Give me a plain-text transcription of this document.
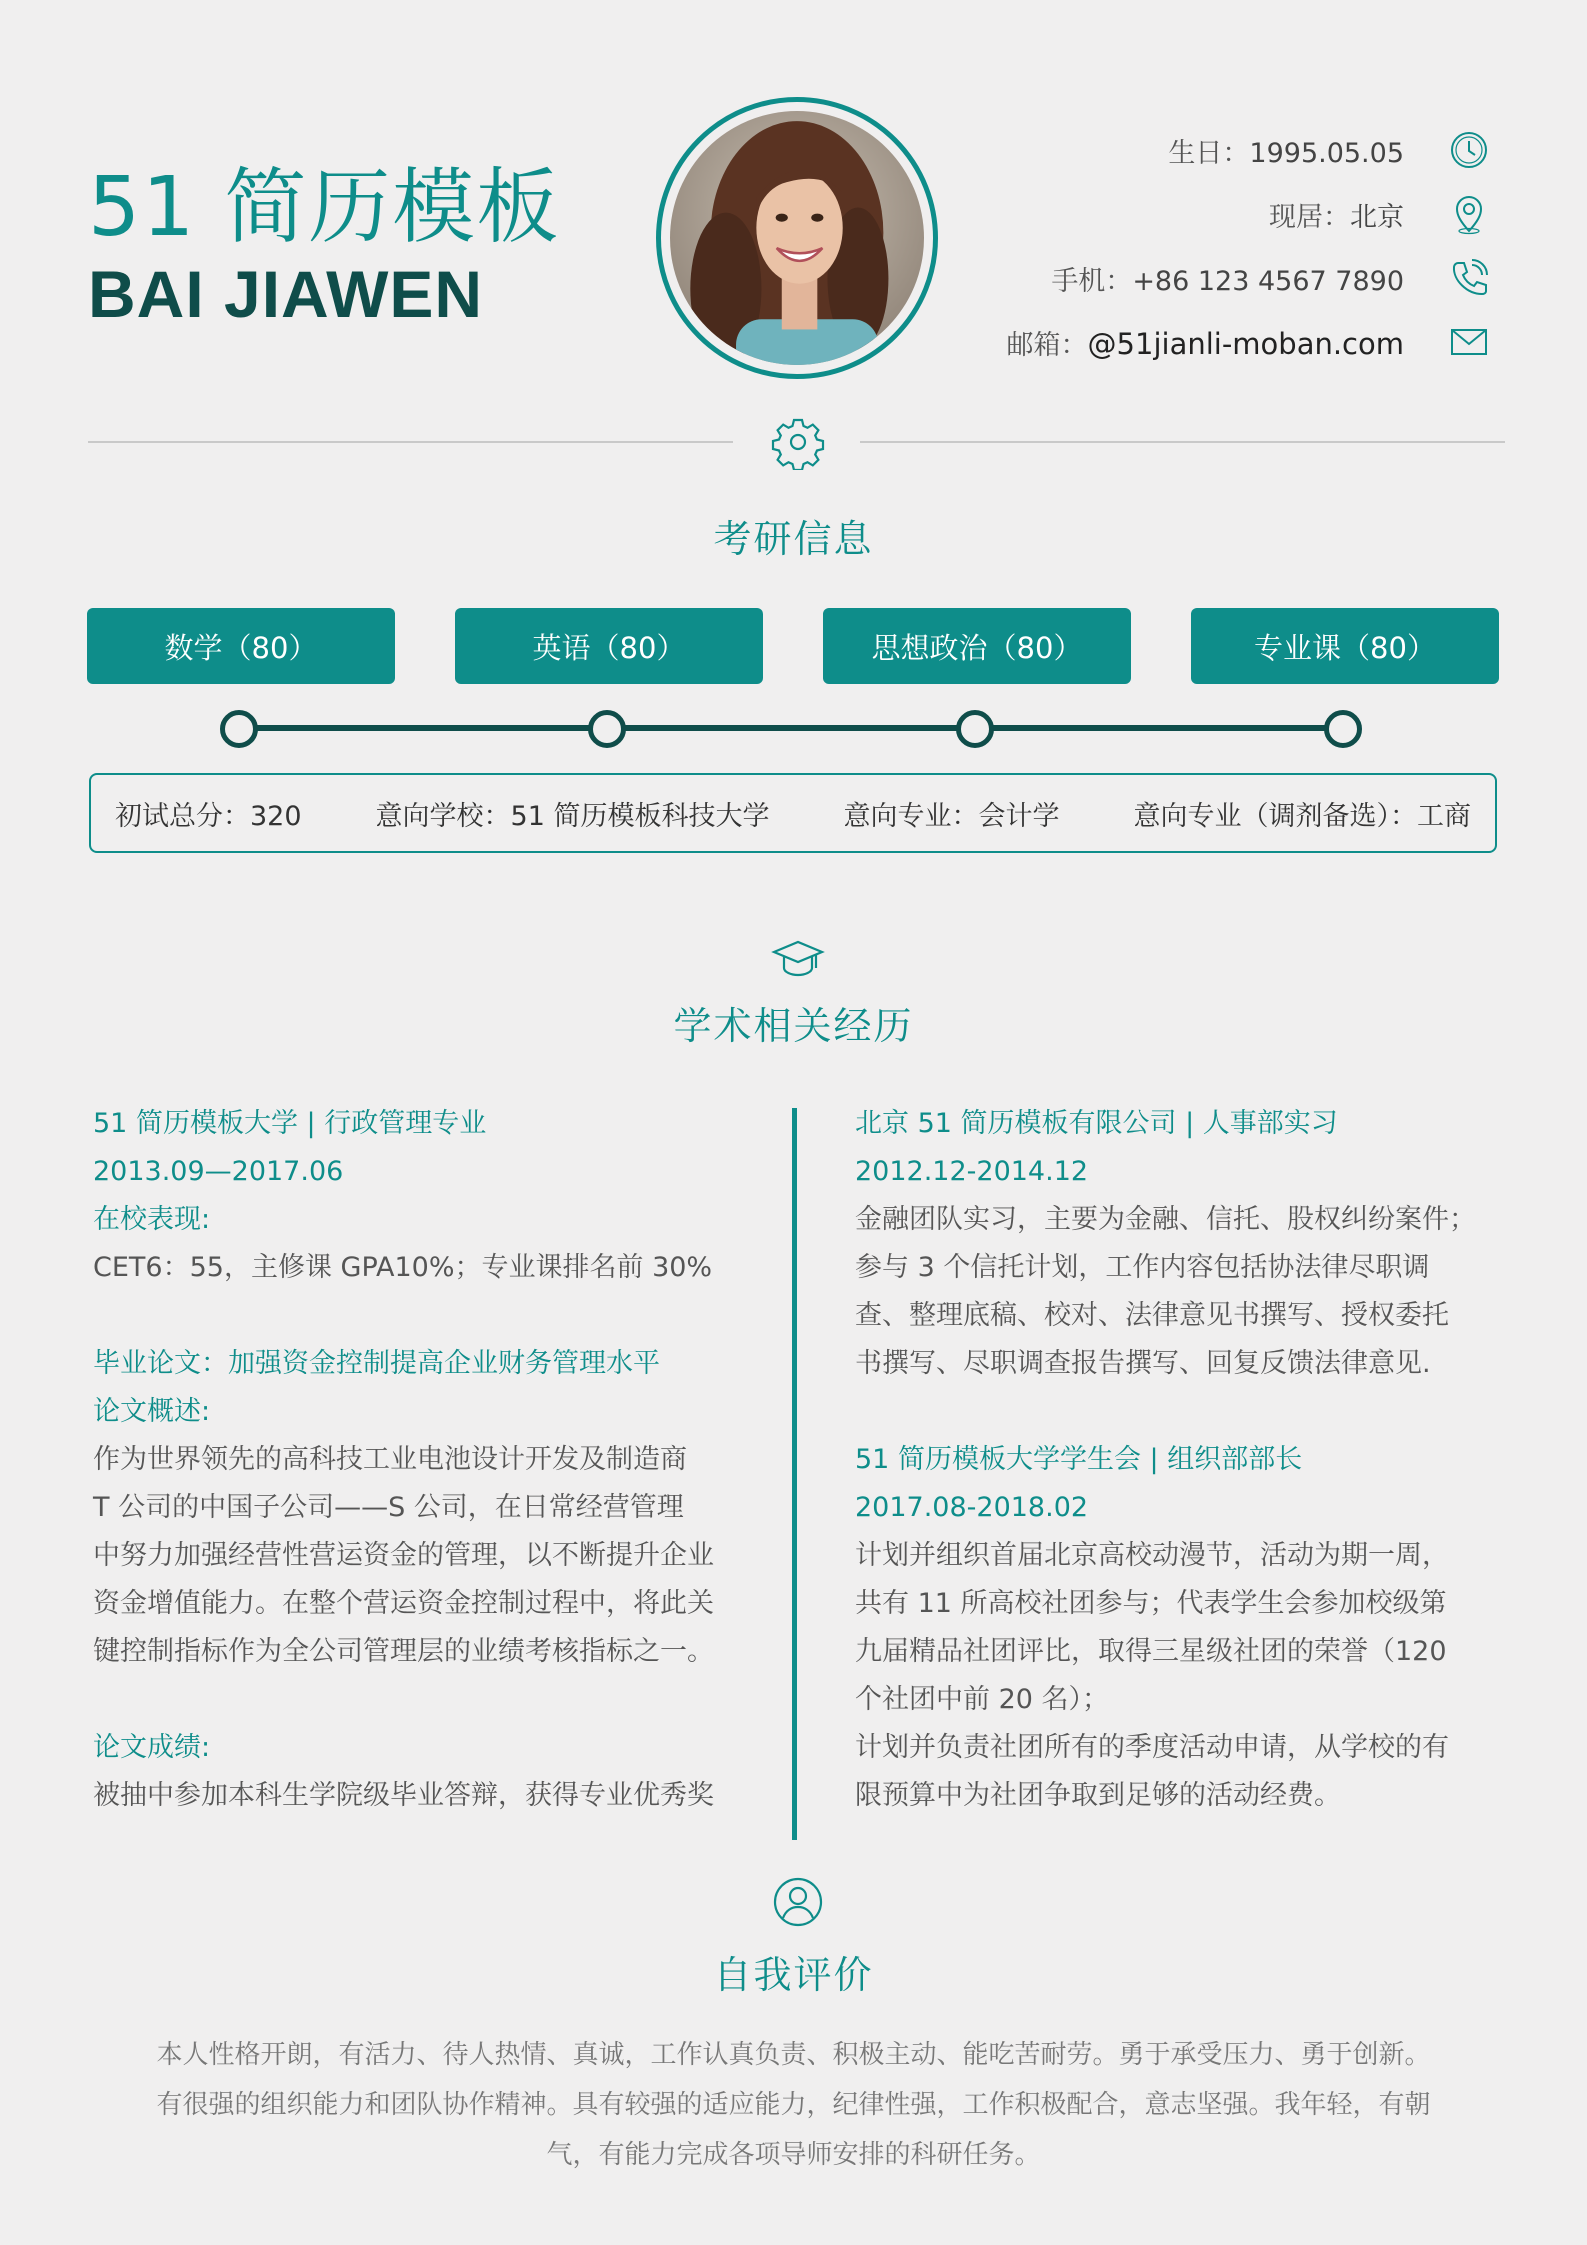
51 简历模板
BAI JIAWEN
生日：1995.05.05
现居：北京
手机：+86 123 4567 7890
邮箱：@51jianli-moban.com
考研信息
数学（80）	英语（80）	思想政治（80）	专业课（80）
初试总分：320	意向学校：51 简历模板科技大学	意向专业：会计学	意向专业（调剂备选）：工商
学术相关经历

51 简历模板大学 | 行政管理专业

2013.09—2017.06

在校表现:

CET6：55，主修课 GPA10%；专业课排名前 30%

毕业论文：加强资金控制提高企业财务管理水平

论文概述:

作为世界领先的高科技工业电池设计开发及制造商

T 公司的中国子公司——S 公司，在日常经营管理

中努力加强经营性营运资金的管理，以不断提升企业

资金增值能力。在整个营运资金控制过程中，将此关

键控制指标作为全公司管理层的业绩考核指标之一。

论文成绩:

被抽中参加本科生学院级毕业答辩，获得专业优秀奖

北京 51 简历模板有限公司 | 人事部实习

2012.12-2014.12

金融团队实习，主要为金融、信托、股权纠纷案件；

参与 3 个信托计划，工作内容包括协法律尽职调

查、整理底稿、校对、法律意见书撰写、授权委托

书撰写、尽职调查报告撰写、回复反馈法律意见.

51 简历模板大学学生会 | 组织部部长

2017.08-2018.02

计划并组织首届北京高校动漫节，活动为期一周，

共有 11 所高校社团参与；代表学生会参加校级第

九届精品社团评比，取得三星级社团的荣誉（120

个社团中前 20 名）；

计划并负责社团所有的季度活动申请，从学校的有

限预算中为社团争取到足够的活动经费。

自我评价
本人性格开朗，有活力、待人热情、真诚，工作认真负责、积极主动、能吃苦耐劳。勇于承受压力、勇于创新。
有很强的组织能力和团队协作精神。具有较强的适应能力，纪律性强，工作积极配合，意志坚强。我年轻，有朝
气，有能力完成各项导师安排的科研任务。
